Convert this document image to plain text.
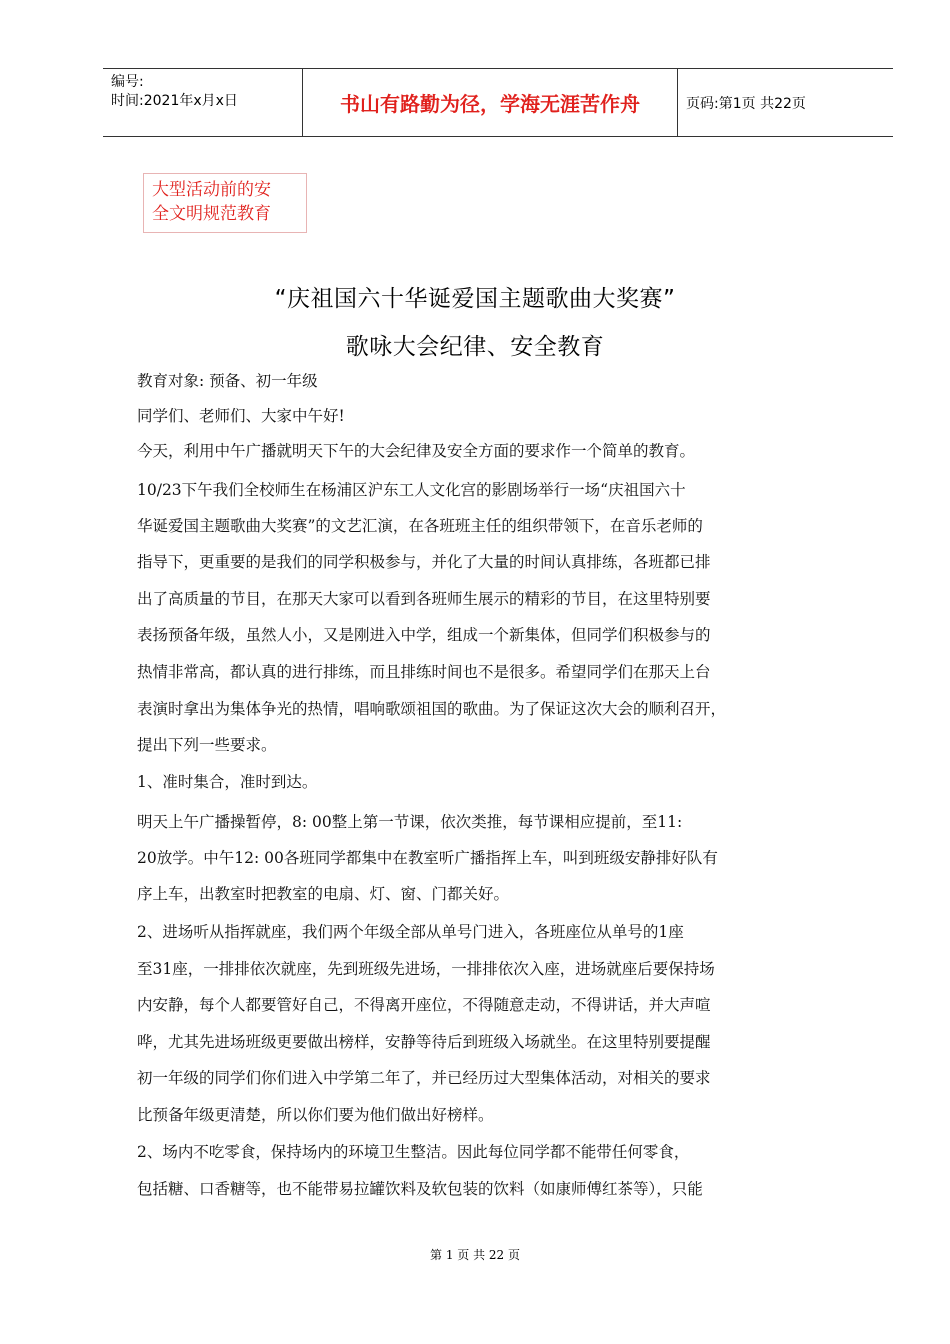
编号:
时间:2021年x月x日	书山有路勤为径，学海无涯苦作舟	页码:第1页 共22页
大型活动前的安
全文明规范教育
“庆祖国六十华诞爱国主题歌曲大奖赛”
歌咏大会纪律、安全教育
教育对象: 预备、初一年级
同学们、老师们、大家中午好!
今天，利用中午广播就明天下午的大会纪律及安全方面的要求作一个简单的教育。
10/23下午我们全校师生在杨浦区沪东工人文化宫的影剧场举行一场“庆祖国六十
华诞爱国主题歌曲大奖赛”的文艺汇演，在各班班主任的组织带领下，在音乐老师的
指导下，更重要的是我们的同学积极参与，并化了大量的时间认真排练，各班都已排
出了高质量的节目，在那天大家可以看到各班师生展示的精彩的节目，在这里特别要
表扬预备年级，虽然人小，又是刚进入中学，组成一个新集体，但同学们积极参与的
热情非常高，都认真的进行排练，而且排练时间也不是很多。希望同学们在那天上台
表演时拿出为集体争光的热情，唱响歌颂祖国的歌曲。为了保证这次大会的顺利召开，
提出下列一些要求。
1、准时集合，准时到达。
明天上午广播操暂停，8: 00整上第一节课，依次类推，每节课相应提前，至11:
20放学。中午12: 00各班同学都集中在教室听广播指挥上车，叫到班级安静排好队有
序上车，出教室时把教室的电扇、灯、窗、门都关好。
2、进场听从指挥就座，我们两个年级全部从单号门进入，各班座位从单号的1座
至31座，一排排依次就座，先到班级先进场，一排排依次入座，进场就座后要保持场
内安静，每个人都要管好自己，不得离开座位，不得随意走动，不得讲话，并大声喧
哗，尤其先进场班级更要做出榜样，安静等待后到班级入场就坐。在这里特别要提醒
初一年级的同学们你们进入中学第二年了，并已经历过大型集体活动，对相关的要求
比预备年级更清楚，所以你们要为他们做出好榜样。
2、场内不吃零食，保持场内的环境卫生整洁。因此每位同学都不能带任何零食，
包括糖、口香糖等，也不能带易拉罐饮料及软包装的饮料（如康师傅红茶等），只能
第 1 页 共 22 页
